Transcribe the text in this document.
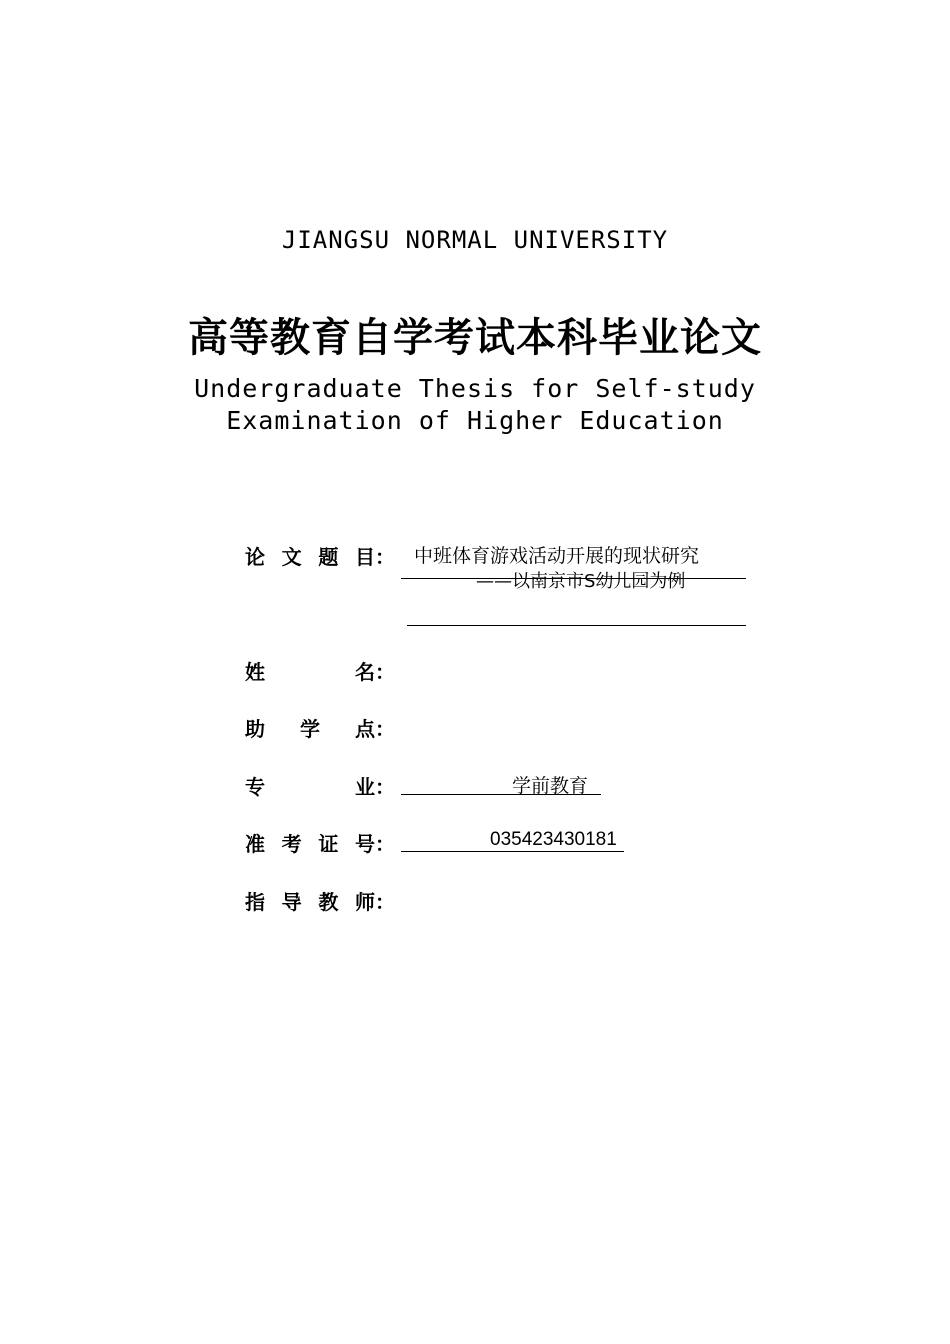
JIANGSU NORMAL UNIVERSITY
高等教育自学考试本科毕业论文
Undergraduate Thesis for Self-study
Examination of Higher Education
论 文 题 目： 中班体育游戏活动开展的现状研究
——以南京市S幼儿园为例
姓	名：
助 学 点：
专	业：	学前教育
准 考 证 号：	035423430181
指 导 教 师：
